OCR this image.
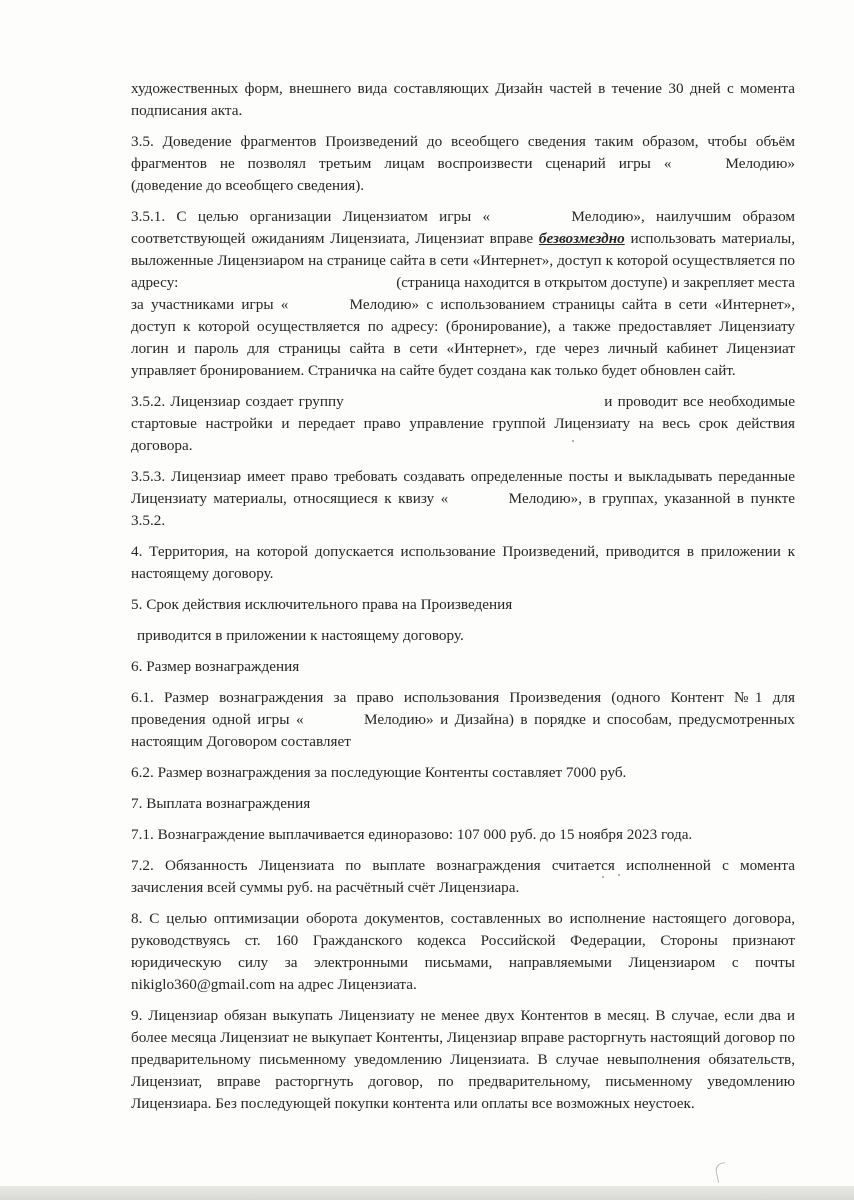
художественных форм, внешнего вида составляющих Дизайн частей в течение 30 дней с момента подписания акта.

3.5. Доведение фрагментов Произведений до всеобщего сведения таким образом, чтобы объём фрагментов не позволял третьим лицам воспроизвести сценарий игры «	Мелодию» (доведение до всеобщего сведения).

3.5.1. С целью организации Лицензиатом игры «	Мелодию», наилучшим образом соответствующей ожиданиям Лицензиата, Лицензиат вправе безвозмездно использовать материалы, выложенные Лицензиаром на странице сайта в сети «Интернет», доступ к которой осуществляется по адресу:	(страница находится в открытом доступе) и закрепляет места за участниками игры «	Мелодию» с использованием страницы сайта в сети «Интернет», доступ к которой осуществляется по адресу: (бронирование), а также предоставляет Лицензиату логин и пароль для страницы сайта в сети «Интернет», где через личный кабинет Лицензиат управляет бронированием. Страничка на сайте будет создана как только будет обновлен сайт.

3.5.2. Лицензиар создает группу	и проводит все необходимые стартовые настройки и передает право управление группой Лицензиату на весь срок действия договора.

3.5.3. Лицензиар имеет право требовать создавать определенные посты и выкладывать переданные Лицензиату материалы, относящиеся к квизу «	Мелодию», в группах, указанной в пункте 3.5.2.

4. Территория, на которой допускается использование Произведений, приводится в приложении к настоящему договору.

5. Срок действия исключительного права на Произведения

приводится в приложении к настоящему договору.

6. Размер вознаграждения

6.1. Размер вознаграждения за право использования Произведения (одного Контент №1 для проведения одной игры «	Мелодию» и Дизайна) в порядке и способам, предусмотренных настоящим Договором составляет

6.2. Размер вознаграждения за последующие Контенты составляет 7000 руб.

7. Выплата вознаграждения

7.1. Вознаграждение выплачивается единоразово: 107 000 руб. до 15 ноября 2023 года.

7.2. Обязанность Лицензиата по выплате вознаграждения считается исполненной с момента зачисления всей суммы руб. на расчётный счёт Лицензиара.

8. С целью оптимизации оборота документов, составленных во исполнение настоящего договора, руководствуясь ст. 160 Гражданского кодекса Российской Федерации, Стороны признают юридическую силу за электронными письмами, направляемыми Лицензиаром с почты nikiglo360@gmail.com на адрес Лицензиата.

9. Лицензиар обязан выкупать Лицензиату не менее двух Контентов в месяц. В случае, если два и более месяца Лицензиат не выкупает Контенты, Лицензиар вправе расторгнуть настоящий договор по предварительному письменному уведомлению Лицензиата. В случае невыполнения обязательств, Лицензиат, вправе расторгнуть договор, по предварительному, письменному уведомлению Лицензиара. Без последующей покупки контента или оплаты все возможных неустоек.
